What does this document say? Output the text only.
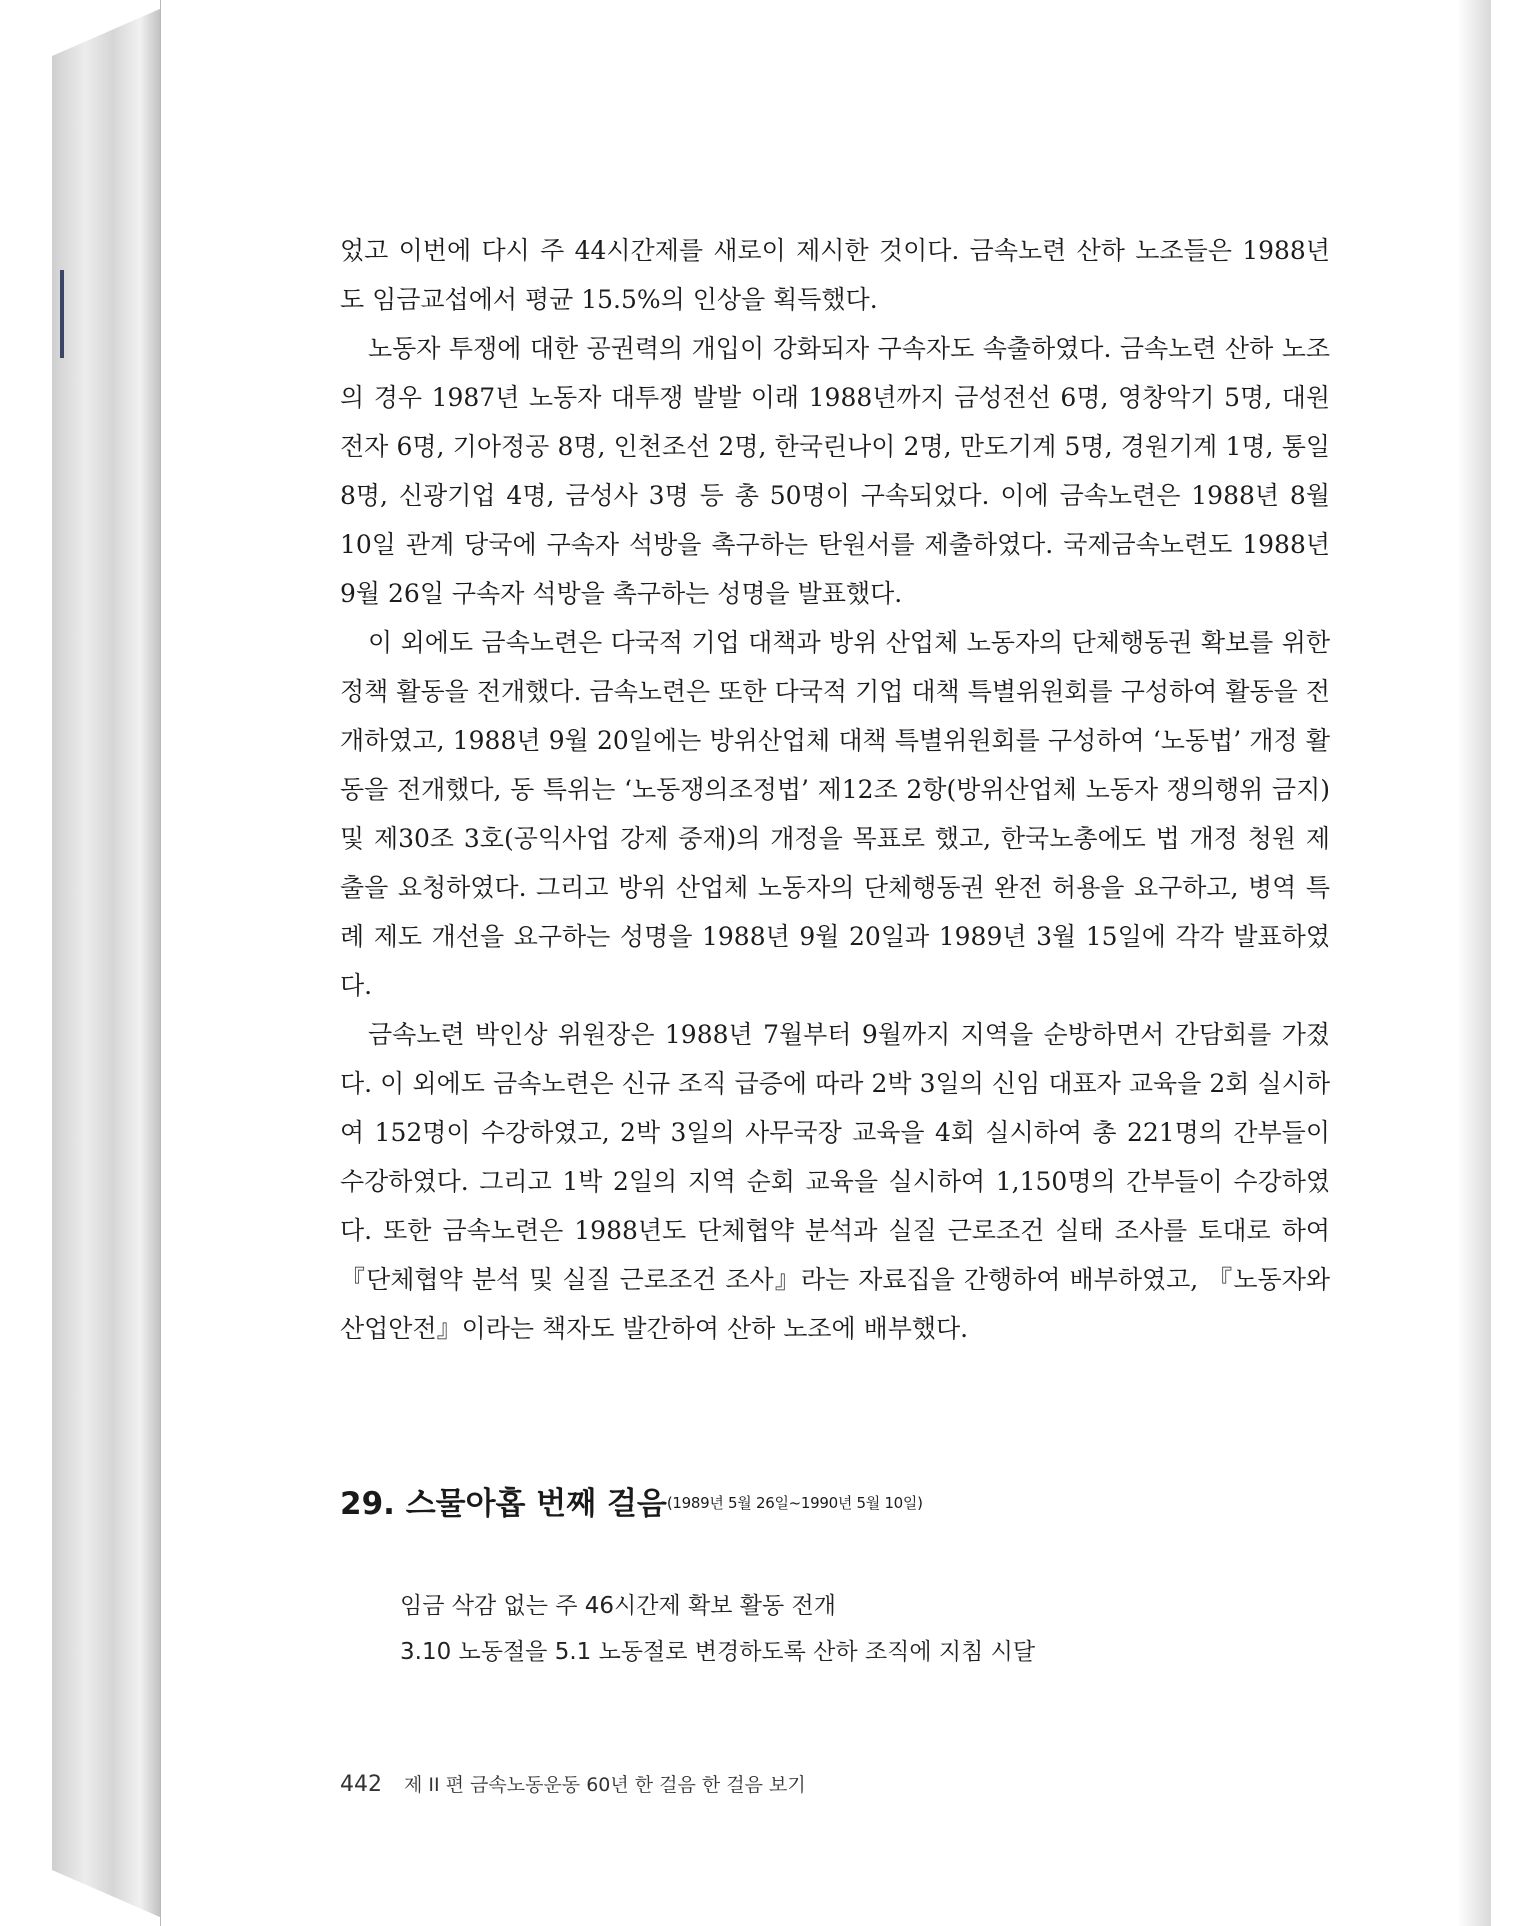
었고 이번에 다시 주 44시간제를 새로이 제시한 것이다. 금속노련 산하 노조들은 1988년 도 임금교섭에서 평균 15.5%의 인상을 획득했다.

노동자 투쟁에 대한 공권력의 개입이 강화되자 구속자도 속출하였다. 금속노련 산하 노조의 경우 1987년 노동자 대투쟁 발발 이래 1988년까지 금성전선 6명, 영창악기 5명, 대원전자 6명, 기아정공 8명, 인천조선 2명, 한국린나이 2명, 만도기계 5명, 경원기계 1명, 통일 8명, 신광기업 4명, 금성사 3명 등 총 50명이 구속되었다. 이에 금속노련은 1988년 8월 10일 관계 당국에 구속자 석방을 촉구하는 탄원서를 제출하였다. 국제금속노련도 1988년 9월 26일 구속자 석방을 촉구하는 성명을 발표했다.

이 외에도 금속노련은 다국적 기업 대책과 방위 산업체 노동자의 단체행동권 확보를 위한 정책 활동을 전개했다. 금속노련은 또한 다국적 기업 대책 특별위원회를 구성하여 활동을 전개하였고, 1988년 9월 20일에는 방위산업체 대책 특별위원회를 구성하여 ‘노동법’ 개정 활동을 전개했다, 동 특위는 ‘노동쟁의조정법’ 제12조 2항(방위산업체 노동자 쟁의행위 금지) 및 제30조 3호(공익사업 강제 중재)의 개정을 목표로 했고, 한국노총에도 법 개정 청원 제출을 요청하였다. 그리고 방위 산업체 노동자의 단체행동권 완전 허용을 요구하고, 병역 특례 제도 개선을 요구하는 성명을 1988년 9월 20일과 1989년 3월 15일에 각각 발표하였다.

금속노련 박인상 위원장은 1988년 7월부터 9월까지 지역을 순방하면서 간담회를 가졌다. 이 외에도 금속노련은 신규 조직 급증에 따라 2박 3일의 신임 대표자 교육을 2회 실시하여 152명이 수강하였고, 2박 3일의 사무국장 교육을 4회 실시하여 총 221명의 간부들이 수강하였다. 그리고 1박 2일의 지역 순회 교육을 실시하여 1,150명의 간부들이 수강하였다. 또한 금속노련은 1988년도 단체협약 분석과 실질 근로조건 실태 조사를 토대로 하여 『단체협약 분석 및 실질 근로조건 조사』라는 자료집을 간행하여 배부하였고, 『노동자와 산업안전』이라는 책자도 발간하여 산하 노조에 배부했다.

29. 스물아홉 번째 걸음(1989년 5월 26일~1990년 5월 10일)
임금 삭감 없는 주 46시간제 확보 활동 전개
3.10 노동절을 5.1 노동절로 변경하도록 산하 조직에 지침 시달
442 제 II 편 금속노동운동 60년 한 걸음 한 걸음 보기
